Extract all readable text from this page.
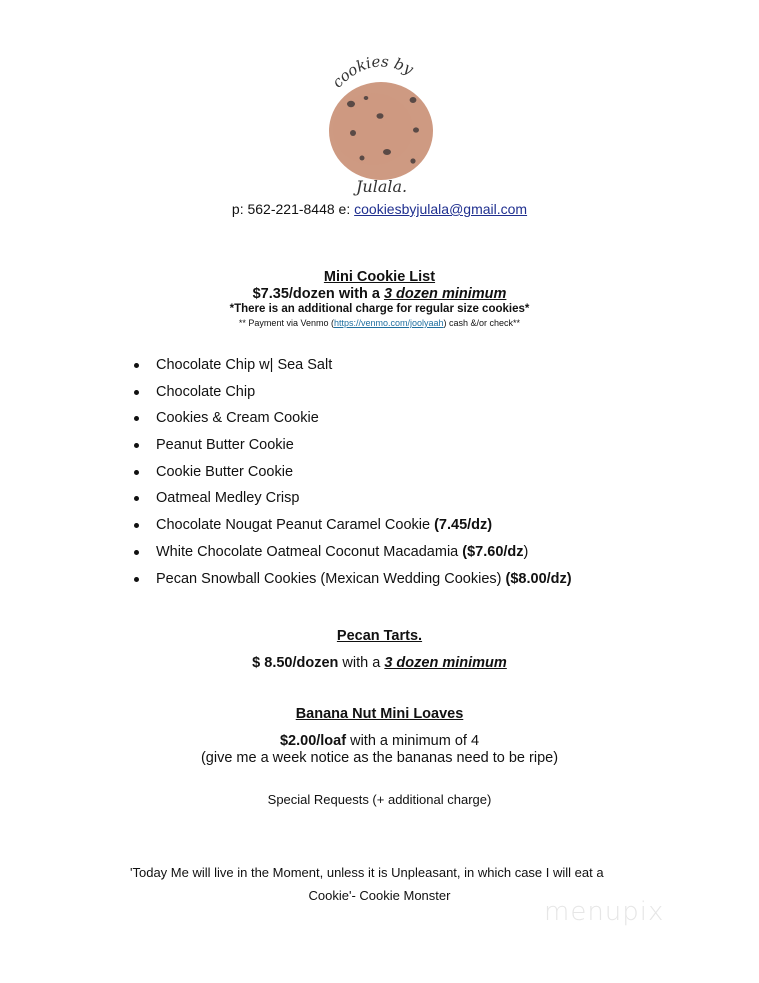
cookies by
Julala.
p: 562-221-8448 e: cookiesbyjulala@gmail.com
Mini Cookie List
$7.35/dozen with a 3 dozen minimum
*There is an additional charge for regular size cookies*
** Payment via Venmo (https://venmo.com/joolyaah) cash &/or check**
Chocolate Chip w| Sea Salt
Chocolate Chip
Cookies & Cream Cookie
Peanut Butter Cookie
Cookie Butter Cookie
Oatmeal Medley Crisp
Chocolate Nougat Peanut Caramel Cookie (7.45/dz)
White Chocolate Oatmeal Coconut Macadamia ($7.60/dz)
Pecan Snowball Cookies (Mexican Wedding Cookies) ($8.00/dz)
Pecan Tarts.
$ 8.50/dozen with a 3 dozen minimum
Banana Nut Mini Loaves
$2.00/loaf with a minimum of 4
(give me a week notice as the bananas need to be ripe)
Special Requests (+ additional charge)
'Today Me will live in the Moment, unless it is Unpleasant, in which case I will eat a
Cookie'- Cookie Monster
menupix
